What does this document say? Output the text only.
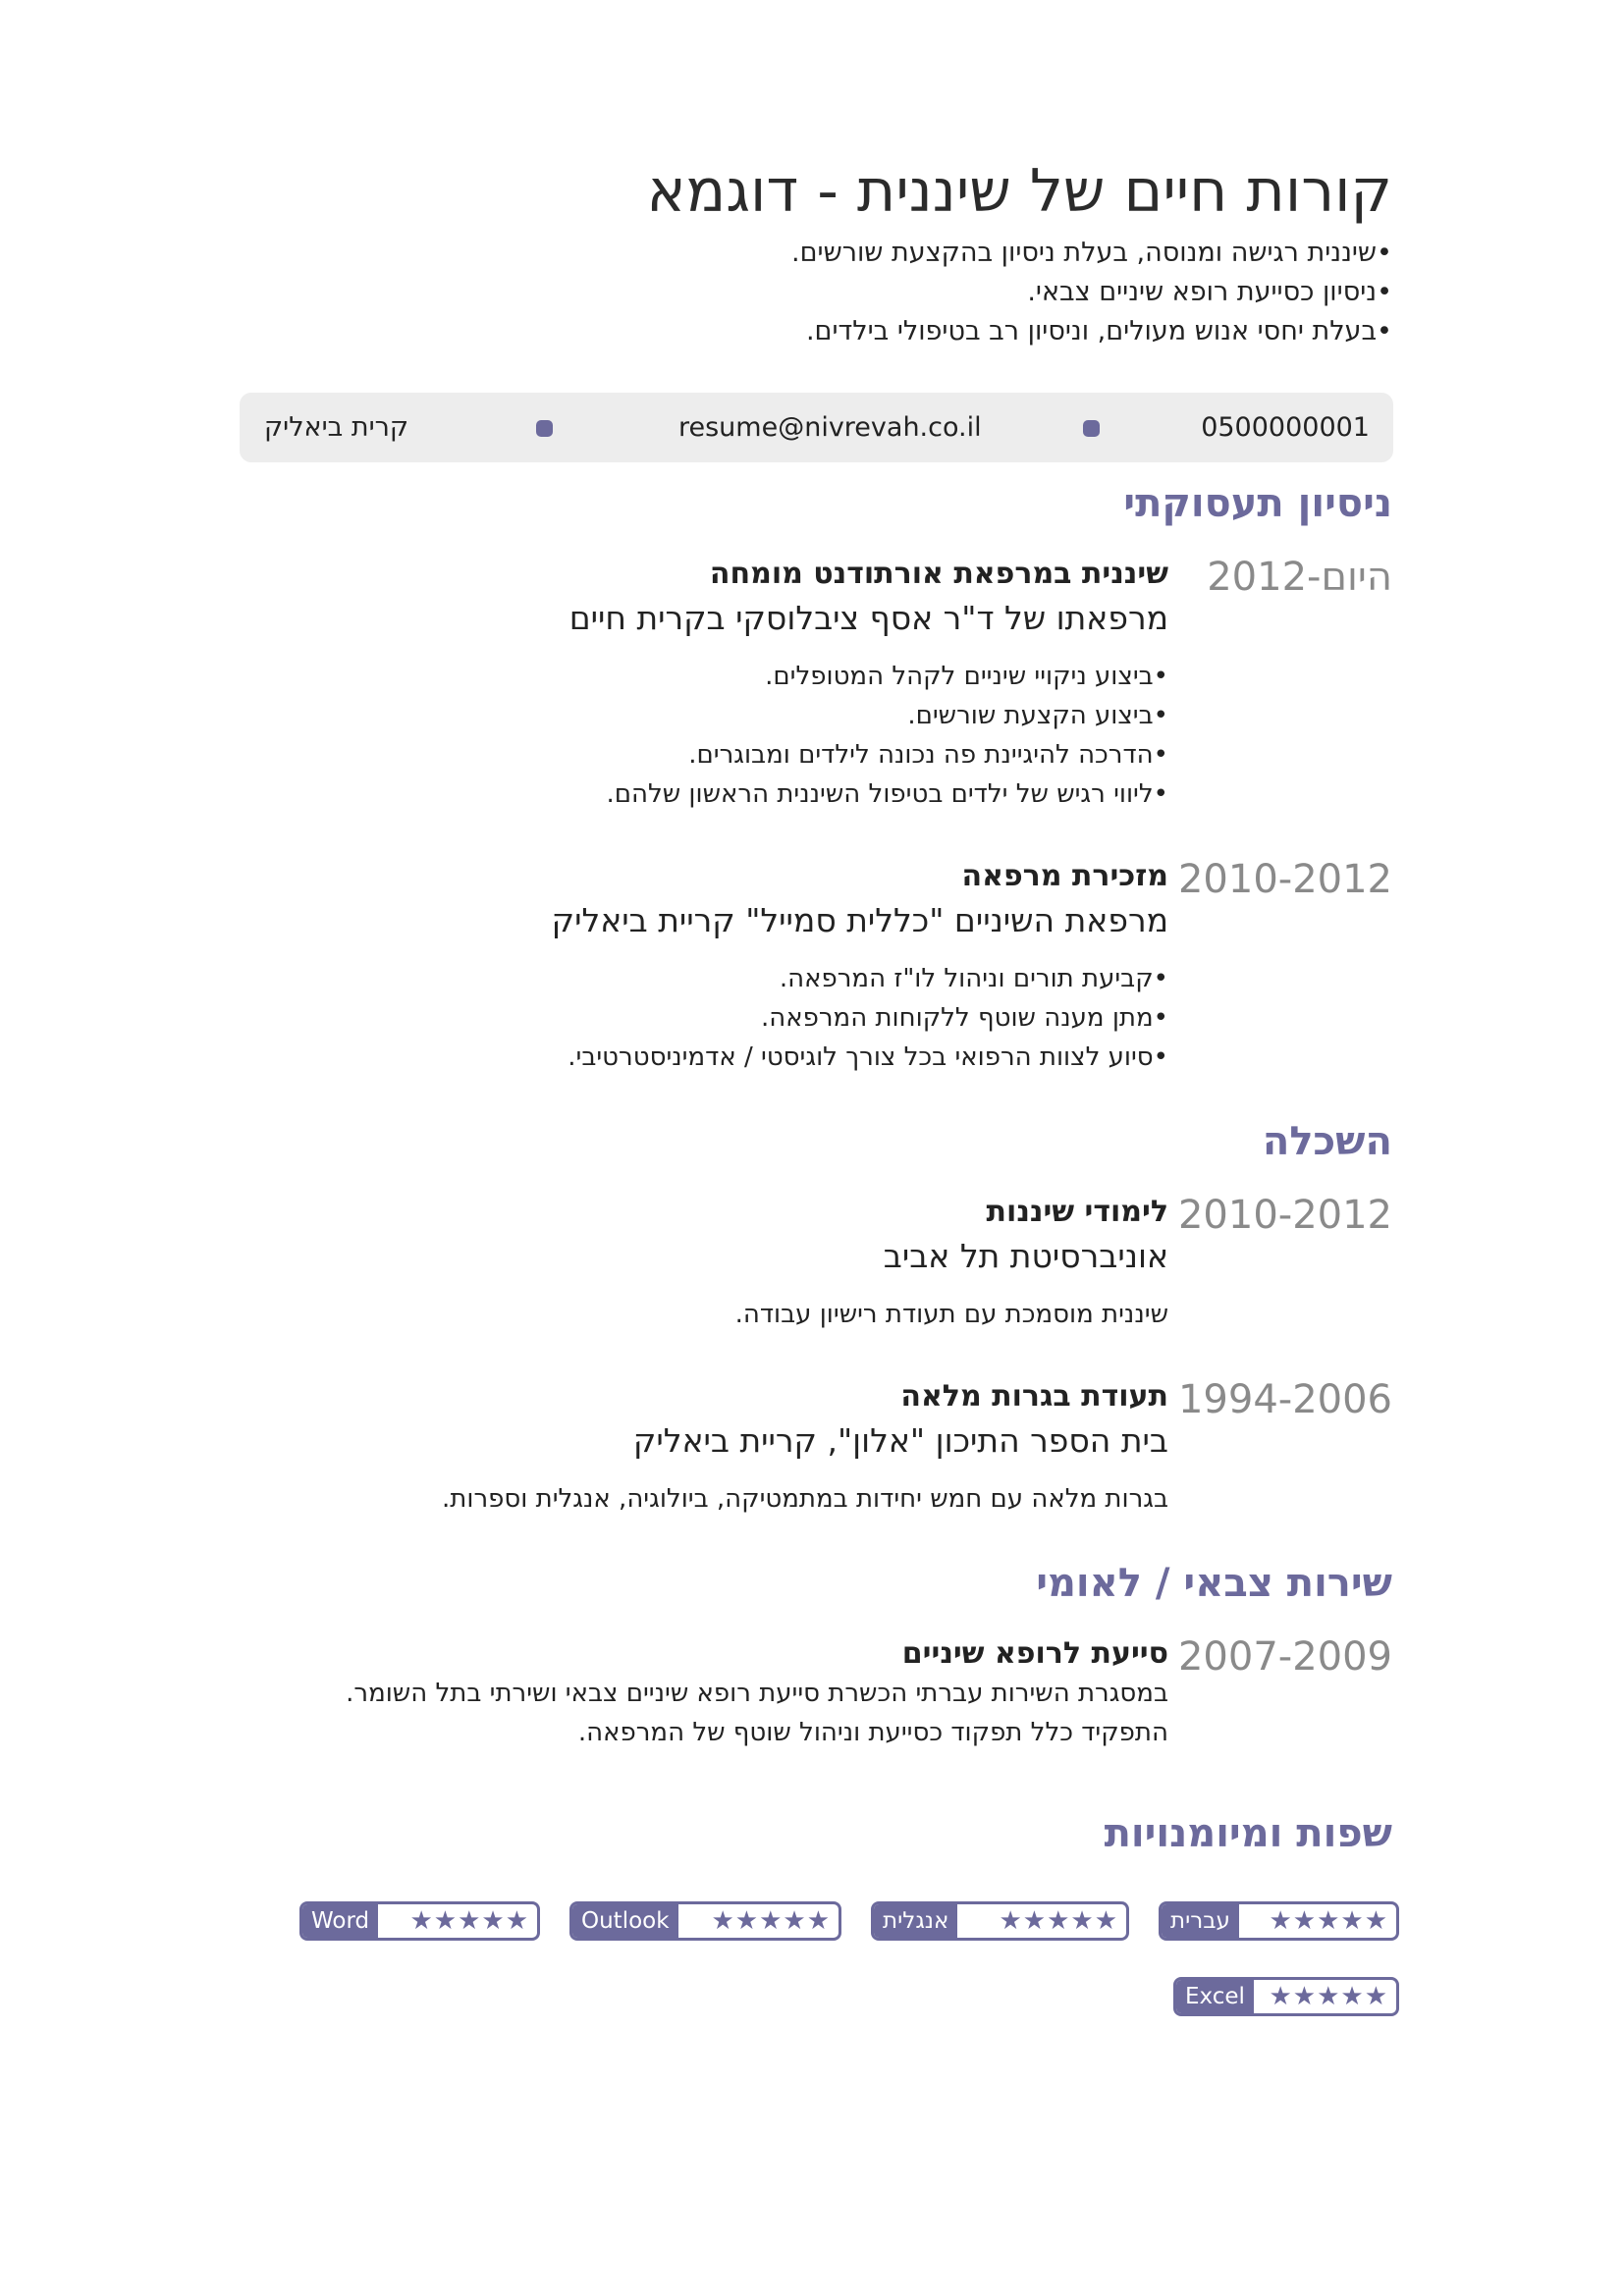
קורות חיים של שיננית - דוגמא
•שיננית רגישה ומנוסה, בעלת ניסיון בהקצעת שורשים.
•ניסיון כסייעת רופא שיניים צבאי.
•בעלת יחסי אנוש מעולים, וניסיון רב בטיפולי בילדים.
0500000001
resume@nivrevah.co.il
קרית ביאליק
ניסיון תעסוקתי
2012-היום
שיננית במרפאת אורתודנט מומחה
מרפאתו של ד"ר אסף ציבלוסקי בקרית חיים
•ביצוע ניקויי שיניים לקהל המטופלים.
•ביצוע הקצעת שורשים.
•הדרכה להיגיינת פה נכונה לילדים ומבוגרים.
•ליווי רגיש של ילדים בטיפול השיננית הראשון שלהם.
2010-2012
מזכירת מרפאה
מרפאת השיניים "כללית סמייל" קריית ביאליק
•קביעת תורים וניהול לו"ז המרפאה.
•מתן מענה שוטף ללקוחות המרפאה.
•סיוע לצוות הרפואי בכל צורך לוגיסטי / אדמיניסטרטיבי.
השכלה
2010-2012
לימודי שיננות
אוניברסיטת תל אביב
שיננית מוסמכת עם תעודת רישיון עבודה.
1994-2006
תעודת בגרות מלאה
בית הספר התיכון "אלון", קריית ביאליק
בגרות מלאה עם חמש יחידות במתמטיקה, ביולוגיה, אנגלית וספרות.
שירות צבאי / לאומי
2007-2009
סייעת לרופא שיניים
במסגרת השירות עברתי הכשרת סייעת רופא שיניים צבאי ושירתי בתל השומר.
התפקיד כלל תפקוד כסייעת וניהול שוטף של המרפאה.
שפות ומיומנויות
עברית	★★★★★
אנגלית	★★★★★
Outlook	★★★★★
Word	★★★★★
Excel ★★★★★
